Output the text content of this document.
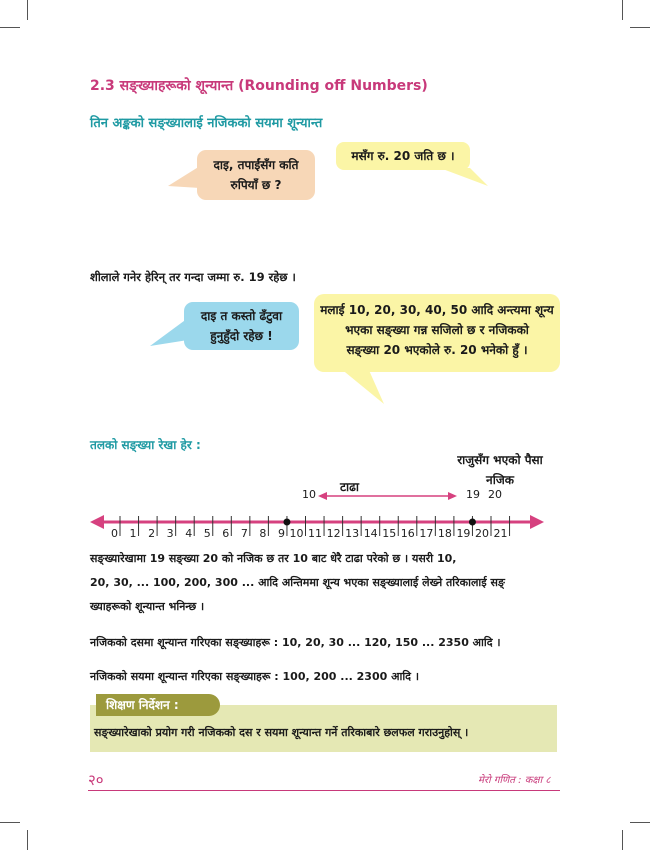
2.3 सङ्ख्याहरूको शून्यान्त (Rounding off Numbers)
तिन अङ्कको सङ्ख्यालाई नजिकको सयमा शून्यान्त
दाइ, तपाईंसँग कति
रुपियाँ छ ?
मसँग रु. 20 जति छ ।
शीलाले गनेर हेरिन् तर गन्दा जम्मा रु. 19 रहेछ ।
दाइ त कस्तो ढँटुवा
हुनुहुँदो रहेछ !
मलाई 10, 20, 30, 40, 50 आदि अन्त्यमा शून्य
भएका सङ्ख्या गन्न सजिलो छ र नजिकको
सङ्ख्या 20 भएकोले रु. 20 भनेको हुँ ।
तलको सङ्ख्या रेखा हेर :
राजुसँग भएको पैसा
नजिक
टाढा
10	19 20
0 1 2 3 4 5 6 7 8 9 10 11 12 13 14 15 16 17 18 19 20 21
सङ्ख्यारेखामा 19 सङ्ख्या 20 को नजिक छ तर 10 बाट धेरै टाढा परेको छ । यसरी 10,
20, 30, ... 100, 200, 300 ... आदि अन्तिममा शून्य भएका सङ्ख्यालाई लेख्ने तरिकालाई सङ्
ख्याहरूको शून्यान्त भनिन्छ ।
नजिकको दसमा शून्यान्त गरिएका सङ्ख्याहरू : 10, 20, 30 ... 120, 150 ... 2350 आदि ।
नजिकको सयमा शून्यान्त गरिएका सङ्ख्याहरू : 100, 200 ... 2300 आदि ।
शिक्षण निर्देशन :
सङ्ख्यारेखाको प्रयोग गरी नजिकको दस र सयमा शून्यान्त गर्ने तरिकाबारे छलफल गराउनुहोस् ।
२०	मेरो गणित : कक्षा ८
